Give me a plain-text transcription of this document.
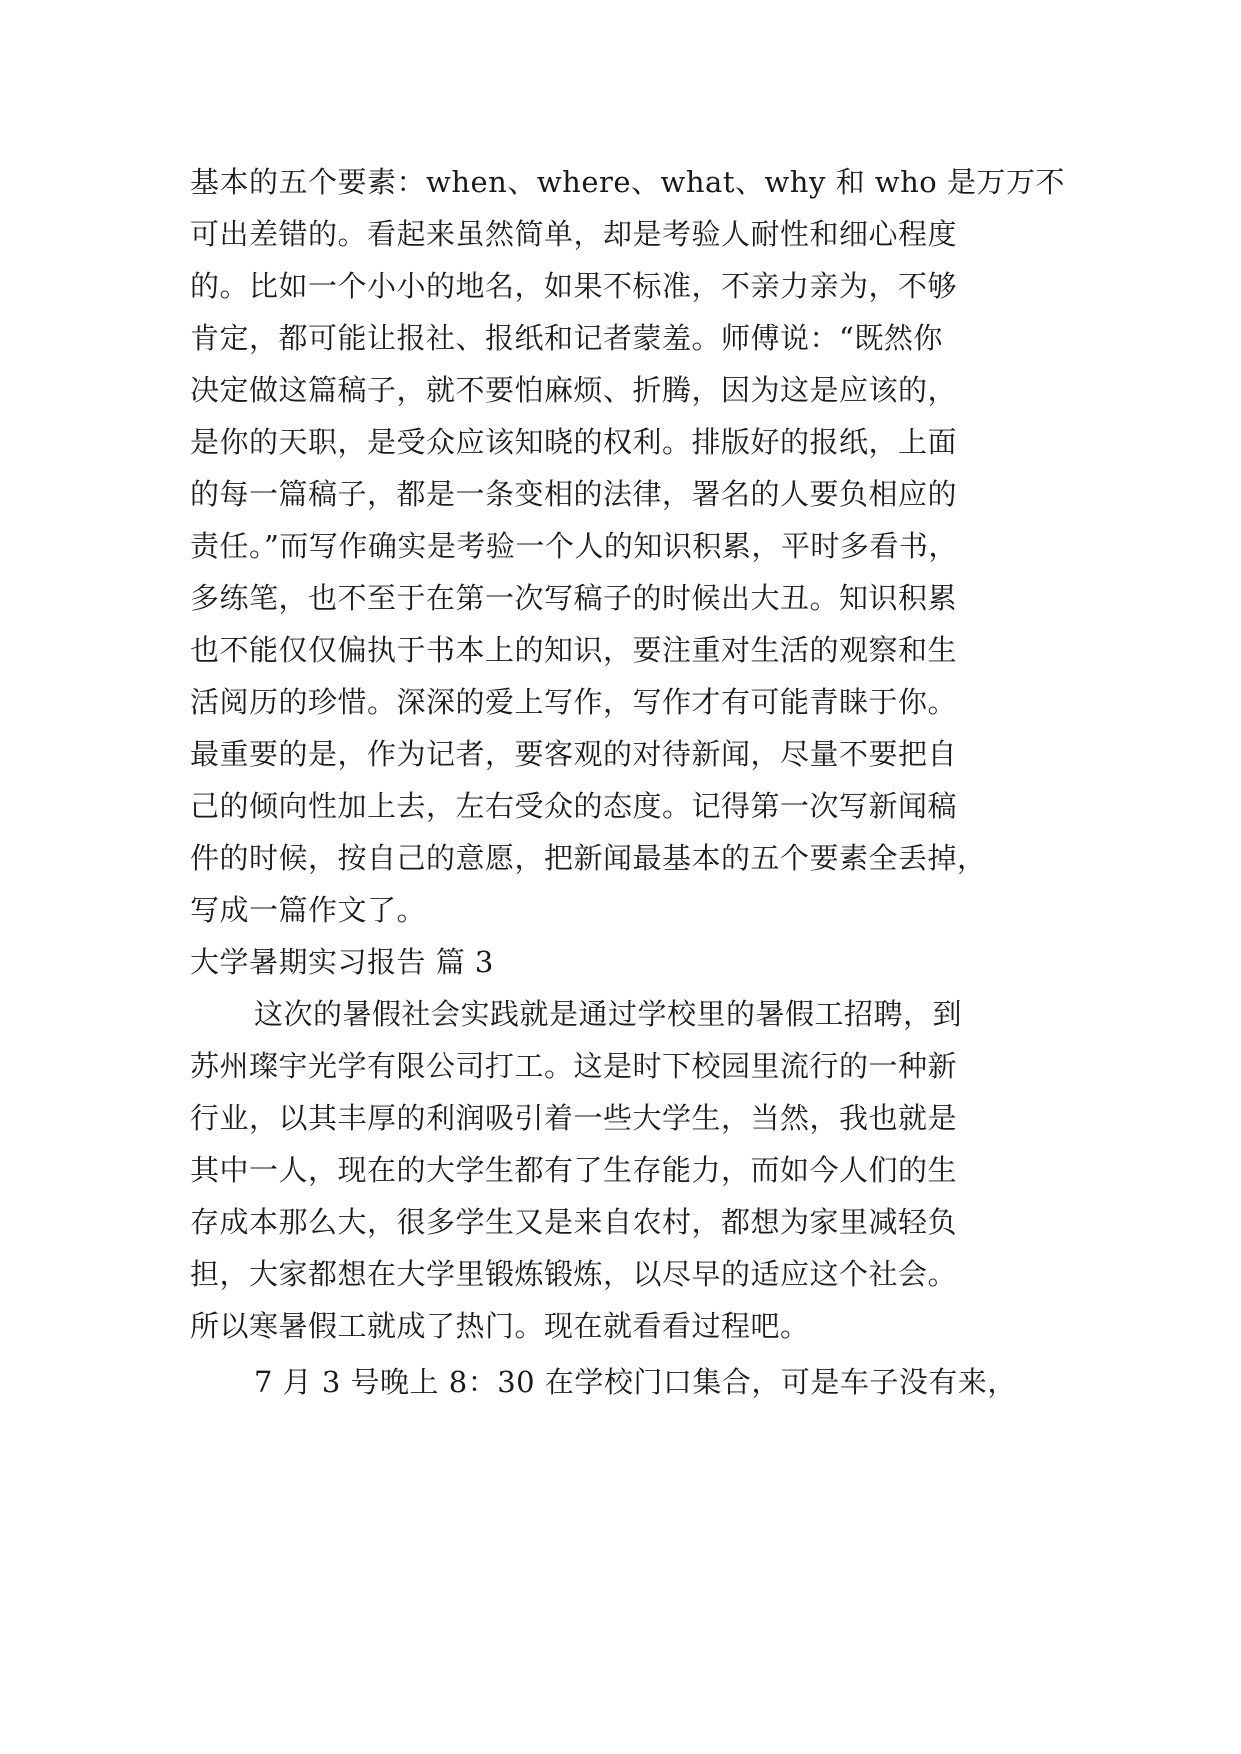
基本的五个要素：when、where、what、why 和 who 是万万不
可出差错的。看起来虽然简单，却是考验人耐性和细心程度
的。比如一个小小的地名，如果不标准，不亲力亲为，不够
肯定，都可能让报社、报纸和记者蒙羞。师傅说：“既然你
决定做这篇稿子，就不要怕麻烦、折腾，因为这是应该的，
是你的天职，是受众应该知晓的权利。排版好的报纸，上面
的每一篇稿子，都是一条变相的法律，署名的人要负相应的
责任。”而写作确实是考验一个人的知识积累，平时多看书，
多练笔，也不至于在第一次写稿子的时候出大丑。知识积累
也不能仅仅偏执于书本上的知识，要注重对生活的观察和生
活阅历的珍惜。深深的爱上写作，写作才有可能青睐于你。
最重要的是，作为记者，要客观的对待新闻，尽量不要把自
己的倾向性加上去，左右受众的态度。记得第一次写新闻稿
件的时候，按自己的意愿，把新闻最基本的五个要素全丢掉，
写成一篇作文了。
大学暑期实习报告 篇 3
这次的暑假社会实践就是通过学校里的暑假工招聘，到
苏州璨宇光学有限公司打工。这是时下校园里流行的一种新
行业，以其丰厚的利润吸引着一些大学生，当然，我也就是
其中一人，现在的大学生都有了生存能力，而如今人们的生
存成本那么大，很多学生又是来自农村，都想为家里减轻负
担，大家都想在大学里锻炼锻炼，以尽早的适应这个社会。
所以寒暑假工就成了热门。现在就看看过程吧。
7 月 3 号晚上 8：30 在学校门口集合，可是车子没有来，
